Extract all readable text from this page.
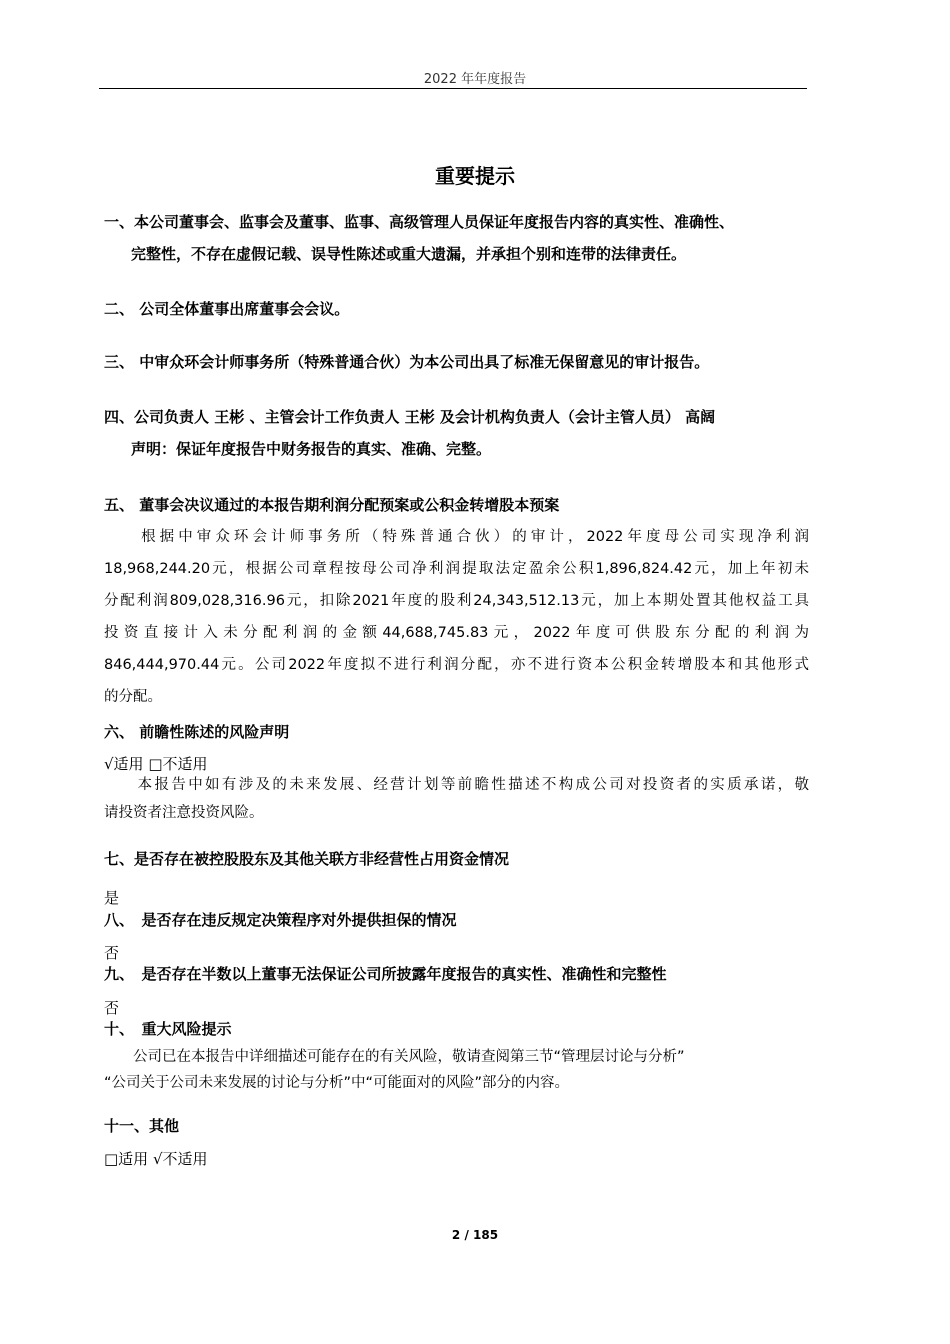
2022 年年度报告
重要提示
一、本公司董事会、监事会及董事、监事、高级管理人员保证年度报告内容的真实性、准确性、
完整性，不存在虚假记载、误导性陈述或重大遗漏，并承担个别和连带的法律责任。
二、 公司全体董事出席董事会会议。
三、 中审众环会计师事务所（特殊普通合伙）为本公司出具了标准无保留意见的审计报告。
四、公司负责人 王彬 、主管会计工作负责人 王彬 及会计机构负责人（会计主管人员） 高阔
声明：保证年度报告中财务报告的真实、准确、完整。
五、 董事会决议通过的本报告期利润分配预案或公积金转增股本预案
　　根据中审众环会计师事务所（特殊普通合伙）的审计，2022年度母公司实现净利润
18,968,244.20元，根据公司章程按母公司净利润提取法定盈余公积1,896,824.42元，加上年初未
分配利润809,028,316.96元，扣除2021年度的股利24,343,512.13元，加上本期处置其他权益工具
投资直接计入未分配利润的金额44,688,745.83元，2022年度可供股东分配的利润为
846,444,970.44元。公司2022年度拟不进行利润分配，亦不进行资本公积金转增股本和其他形式
的分配。
六、 前瞻性陈述的风险声明
√适用 □不适用
　　本报告中如有涉及的未来发展、经营计划等前瞻性描述不构成公司对投资者的实质承诺，敬
请投资者注意投资风险。
七、是否存在被控股股东及其他关联方非经营性占用资金情况
是
八、　是否存在违反规定决策程序对外提供担保的情况
否
九、　是否存在半数以上董事无法保证公司所披露年度报告的真实性、准确性和完整性
否
十、　重大风险提示
　　公司已在本报告中详细描述可能存在的有关风险，敬请查阅第三节“管理层讨论与分析”
“公司关于公司未来发展的讨论与分析”中“可能面对的风险”部分的内容。
十一、其他
□适用 √不适用
2 / 185
